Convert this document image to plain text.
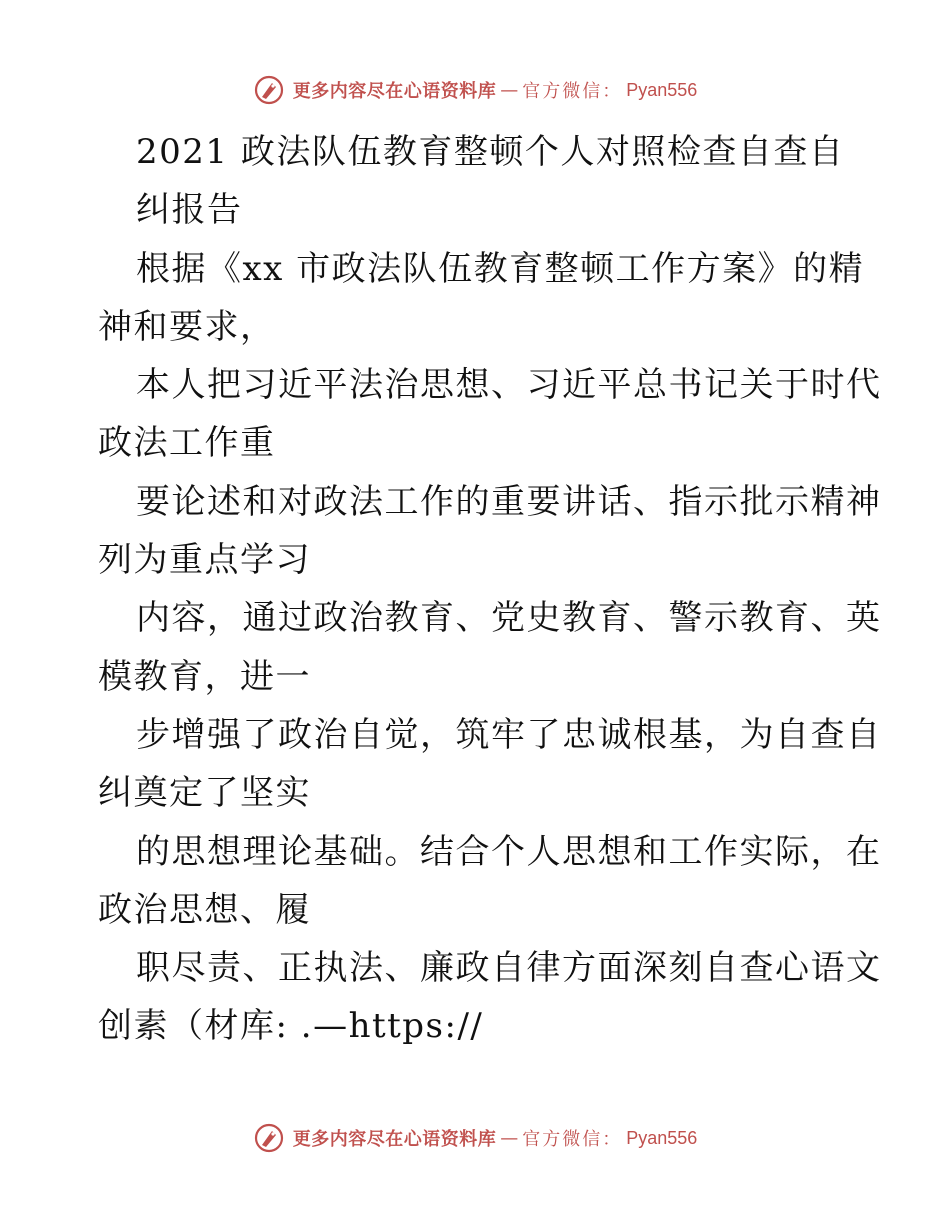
更多内容尽在心语资料库 — 官方微信： Pyan556
2021 政法队伍教育整顿个人对照检查自查自
纠报告
根据《xx 市政法队伍教育整顿工作方案》的精
神和要求，
本人把习近平法治思想、习近平总书记关于时代
政法工作重
要论述和对政法工作的重要讲话、指示批示精神
列为重点学习
内容，通过政治教育、党史教育、警示教育、英
模教育，进一
步增强了政治自觉，筑牢了忠诚根基，为自查自
纠奠定了坚实
的思想理论基础。结合个人思想和工作实际，在
政治思想、履
职尽责、正执法、廉政自律方面深刻自查心语文
创素（材库: .—https://
更多内容尽在心语资料库 — 官方微信： Pyan556
